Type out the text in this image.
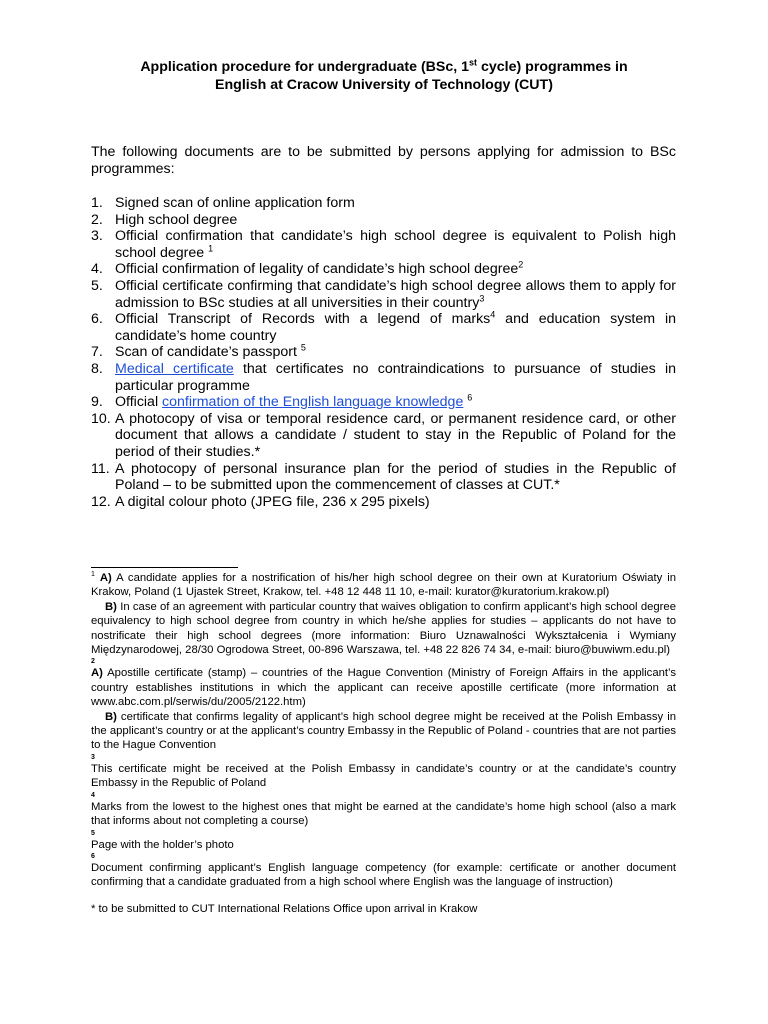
Application procedure for undergraduate (BSc, 1st cycle) programmes in
English at Cracow University of Technology (CUT)
The following documents are to be submitted by persons applying for admission to BSc programmes:
1. Signed scan of online application form
2. High school degree
3. Official confirmation that candidate’s high school degree is equivalent to Polish high school degree $^1$
4. Official confirmation of legality of candidate’s high school degree$^2$
5. Official certificate confirming that candidate’s high school degree allows them to apply for admission to BSc studies at all universities in their country$^3$
6. Official Transcript of Records with a legend of marks$^4$ and education system in candidate’s home country
7. Scan of candidate’s passport $^5$
8. Medical certificate that certificates no contraindications to pursuance of studies in particular programme
9. Official confirmation of the English language knowledge $^6$
10. A photocopy of visa or temporal residence card, or permanent residence card, or other document that allows a candidate / student to stay in the Republic of Poland for the period of their studies.*
11. A photocopy of personal insurance plan for the period of studies in the Republic of Poland – to be submitted upon the commencement of classes at CUT.*
12. A digital colour photo (JPEG file, 236 x 295 pixels)

$^1$ A) A candidate applies for a nostrification of his/her high school degree on their own at Kuratorium Oświaty in Krakow, Poland (1 Ujastek Street, Krakow, tel. +48 12 448 11 10, e-mail: kurator@kuratorium.krakow.pl)

B) In case of an agreement with particular country that waives obligation to confirm applicant’s high school degree equivalency to high school degree from country in which he/she applies for studies – applicants do not have to nostrificate their high school degrees (more information: Biuro Uznawalności Wykształcenia i Wymiany Międzynarodowej, 28/30 Ogrodowa Street, 00-896 Warszawa, tel. +48 22 826 74 34, e-mail: biuro@buwiwm.edu.pl)

2

A) Apostille certificate (stamp) – countries of the Hague Convention (Ministry of Foreign Affairs in the applicant’s country establishes institutions in which the applicant can receive apostille certificate (more information at www.abc.com.pl/serwis/du/2005/2122.htm)

B) certificate that confirms legality of applicant’s high school degree might be received at the Polish Embassy in the applicant’s country or at the applicant’s country Embassy in the Republic of Poland - countries that are not parties to the Hague Convention

3

This certificate might be received at the Polish Embassy in candidate’s country or at the candidate’s country Embassy in the Republic of Poland

4

Marks from the lowest to the highest ones that might be earned at the candidate’s home high school (also a mark that informs about not completing a course)

5

Page with the holder’s photo

6

Document confirming applicant’s English language competency (for example: certificate or another document confirming that a candidate graduated from a high school where English was the language of instruction)

* to be submitted to CUT International Relations Office upon arrival in Krakow
